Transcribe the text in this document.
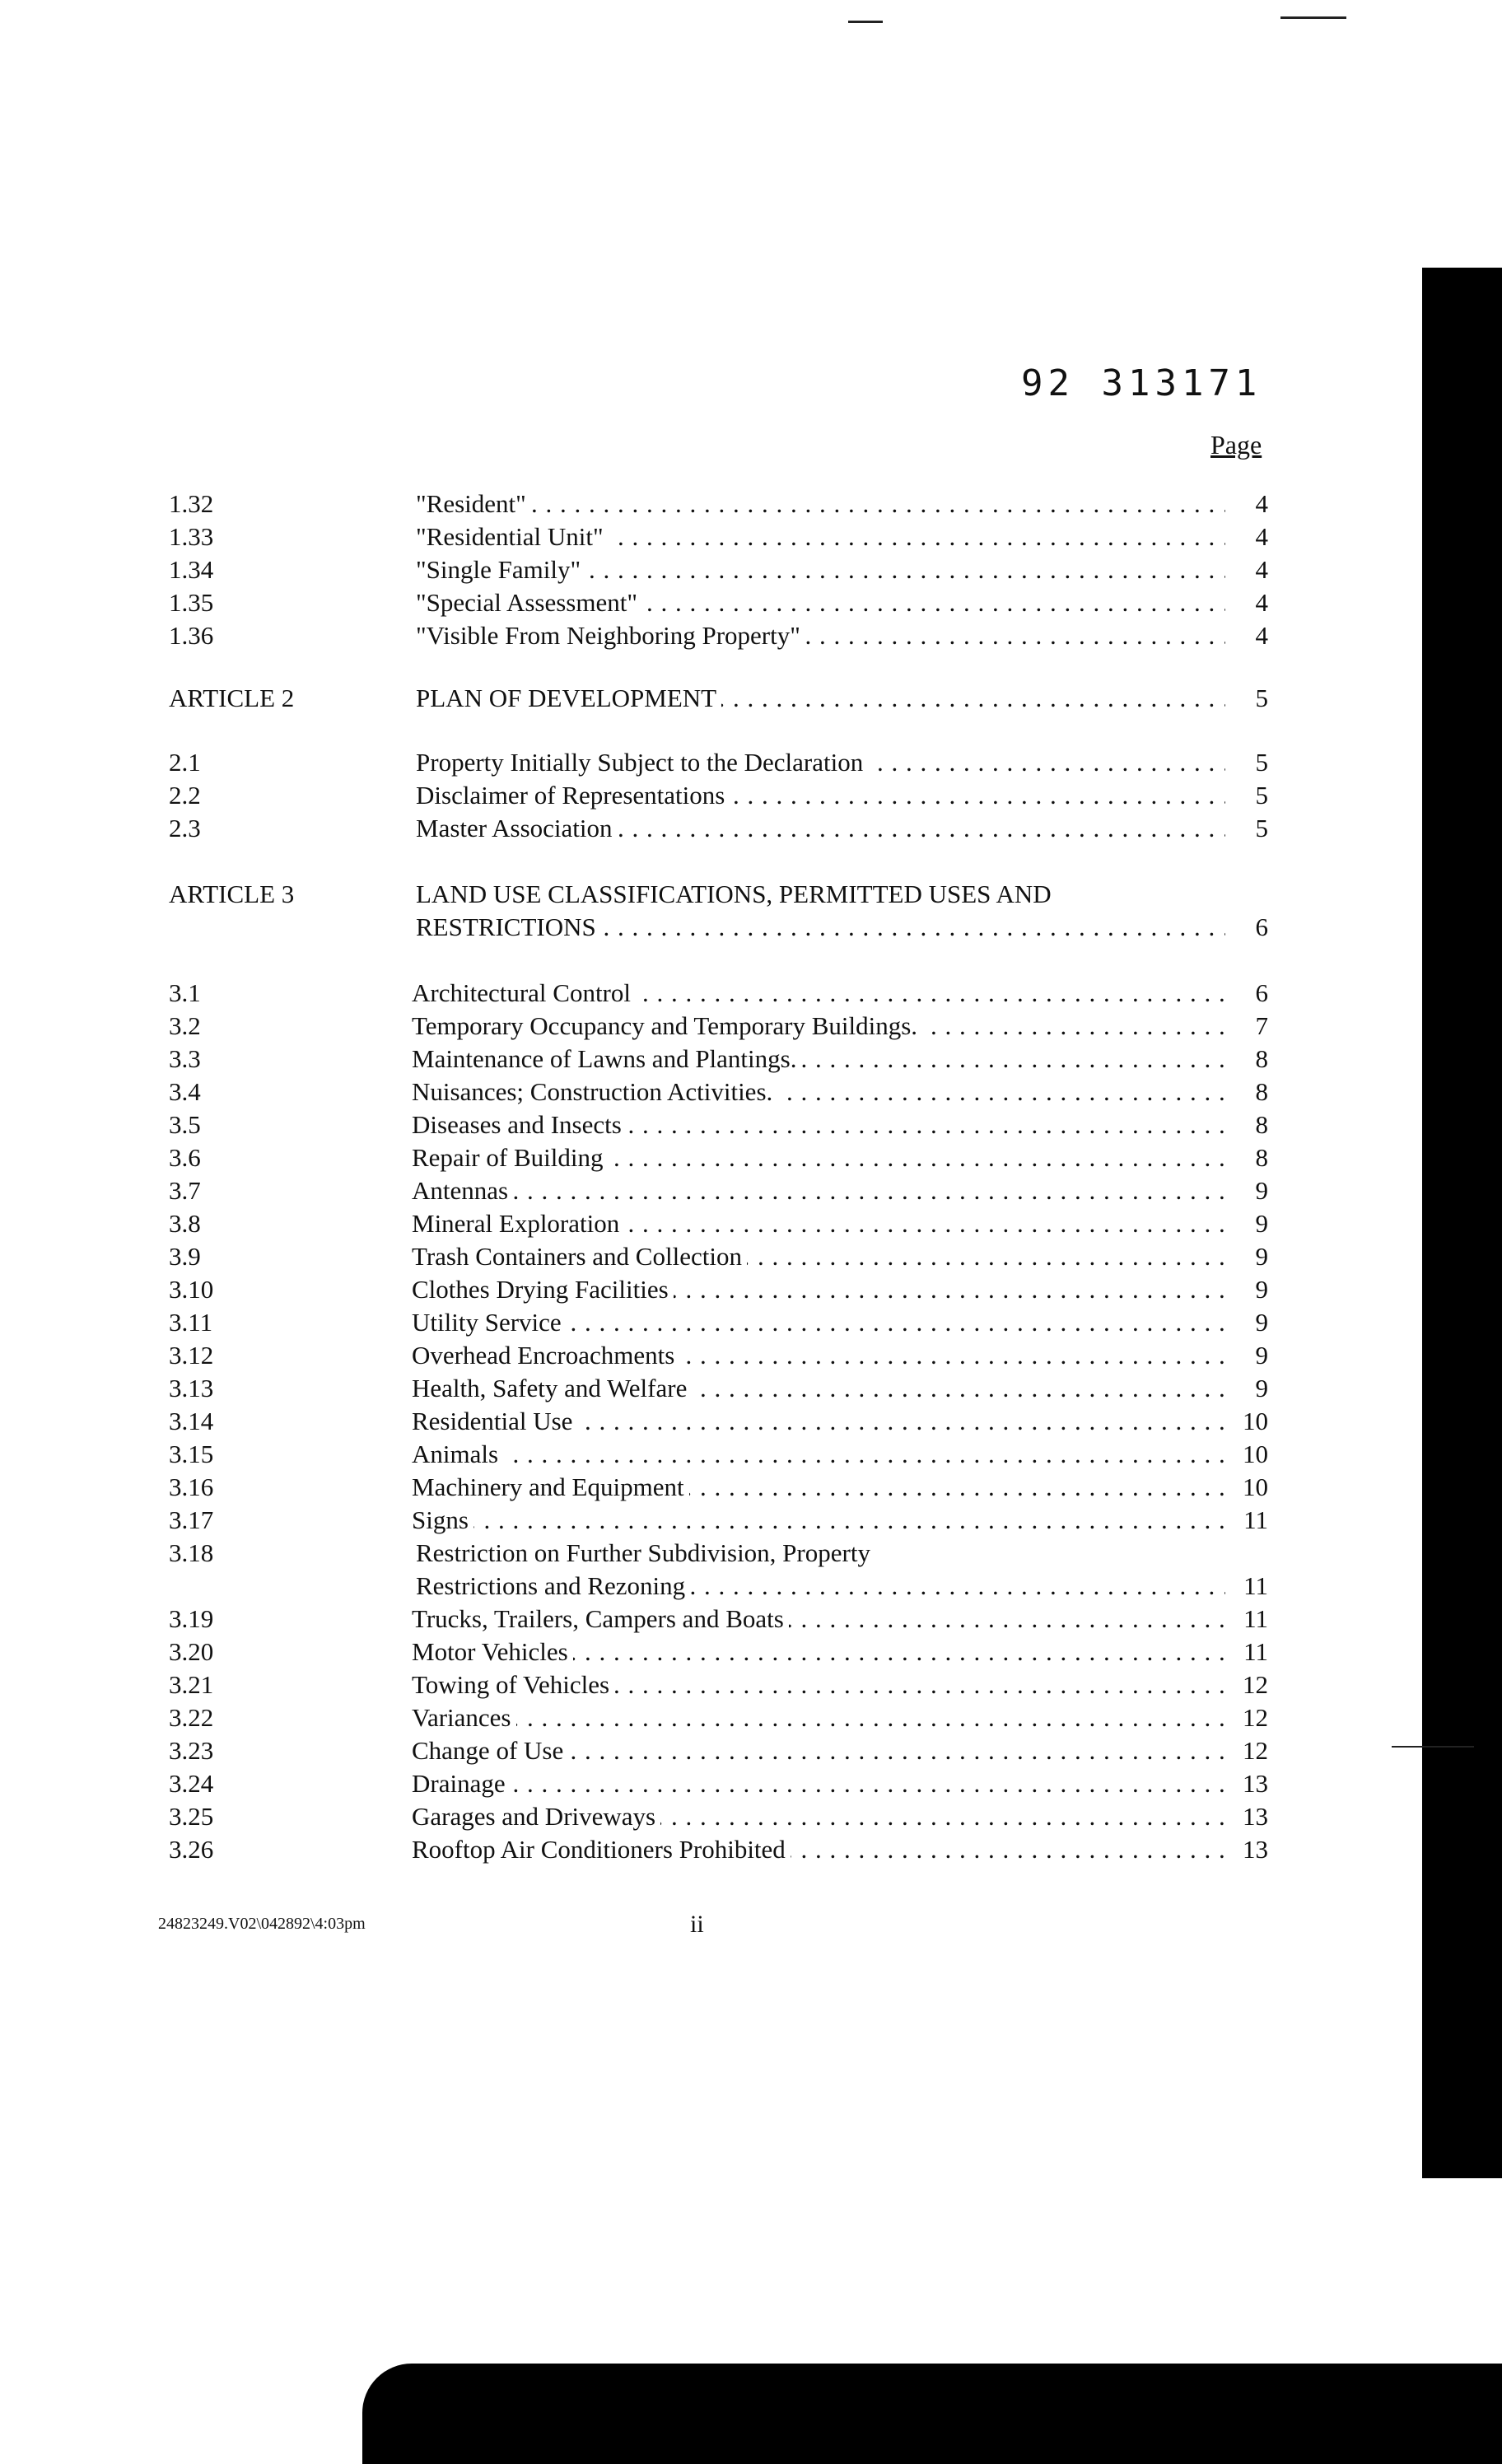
92 313171
Page
1.32	"Resident" . . .	4
1.33	"Residential Unit" . . .	4
1.34	"Single Family" . . .	4
1.35	"Special Assessment" . . .	4
1.36	"Visible From Neighboring Property" . . .	4
ARTICLE 2	PLAN OF DEVELOPMENT . . .	5
2.1	Property Initially Subject to the Declaration . . .	5
2.2	Disclaimer of Representations . . .	5
2.3	Master Association . . .	5
ARTICLE 3	LAND USE CLASSIFICATIONS, PERMITTED USES AND
RESTRICTIONS . . .	6
3.1	Architectural Control . . .	6
3.2	Temporary Occupancy and Temporary Buildings. . . .	7
3.3	Maintenance of Lawns and Plantings. . . .	8
3.4	Nuisances; Construction Activities. . . .	8
3.5	Diseases and Insects . . .	8
3.6	Repair of Building . . .	8
3.7	Antennas . . .	9
3.8	Mineral Exploration . . .	9
3.9	Trash Containers and Collection . . .	9
3.10	Clothes Drying Facilities . . .	9
3.11	Utility Service . . .	9
3.12	Overhead Encroachments . . .	9
3.13	Health, Safety and Welfare . . .	9
3.14	Residential Use . . .	10
3.15	Animals . . .	10
3.16	Machinery and Equipment . . .	10
3.17	Signs . . .	11
3.18	Restriction on Further Subdivision, Property
Restrictions and Rezoning . . .	11
3.19	Trucks, Trailers, Campers and Boats . . .	11
3.20	Motor Vehicles . . .	11
3.21	Towing of Vehicles . . .	12
3.22	Variances . . .	12
3.23	Change of Use . . .	12
3.24	Drainage . . .	13
3.25	Garages and Driveways . . .	13
3.26	Rooftop Air Conditioners Prohibited . . .	13
24823249.V02\042892\4:03pm	ii
